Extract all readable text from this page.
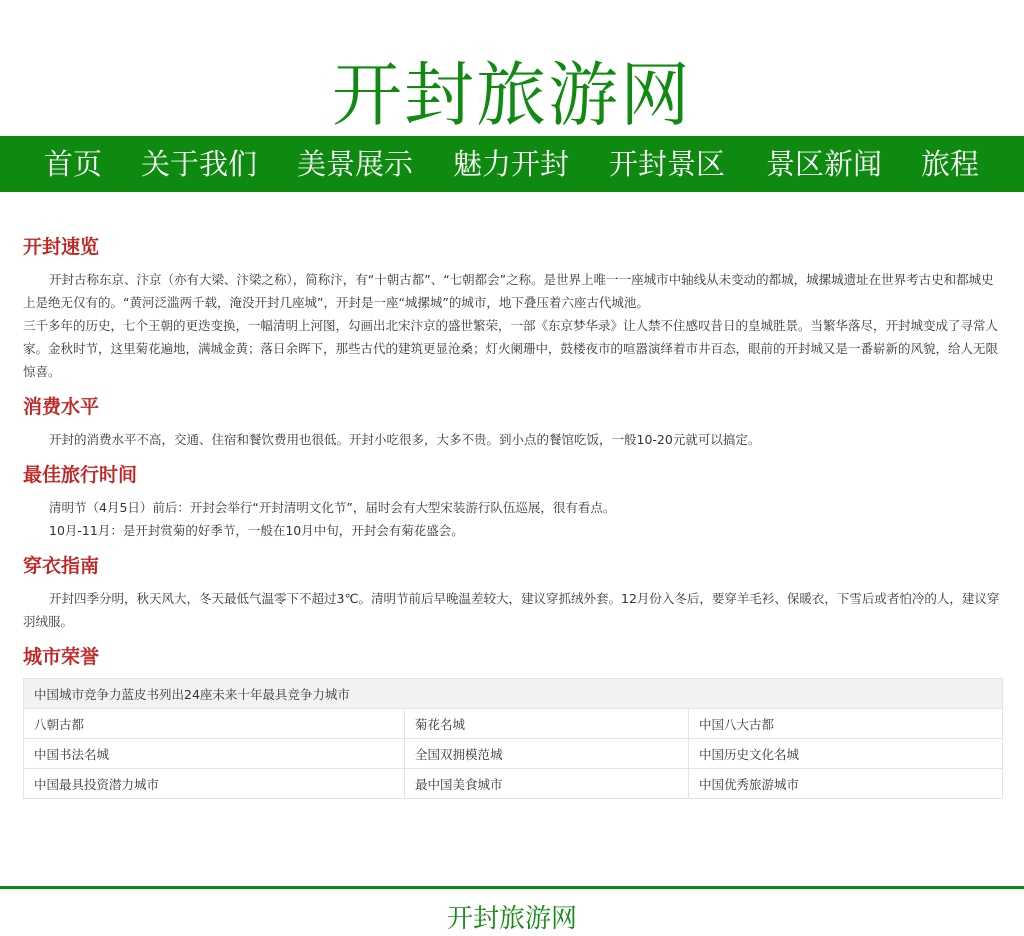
开封旅游网
首页 关于我们 美景展示 魅力开封 开封景区 景区新闻 旅程
开封速览

开封古称东京、汴京（亦有大梁、汴梁之称），简称汴，有“十朝古都”、“七朝都会”之称。是世界上唯一一座城市中轴线从未变动的都城，城摞城遗址在世界考古史和都城史上是绝无仅有的。“黄河泛滥两千载，淹没开封几座城”，开封是一座“城摞城”的城市，地下叠压着六座古代城池。

三千多年的历史，七个王朝的更迭变换，一幅清明上河图，勾画出北宋汴京的盛世繁荣，一部《东京梦华录》让人禁不住感叹昔日的皇城胜景。当繁华落尽，开封城变成了寻常人家。金秋时节，这里菊花遍地，满城金黄；落日余晖下，那些古代的建筑更显沧桑；灯火阑珊中，鼓楼夜市的喧嚣演绎着市井百态，眼前的开封城又是一番崭新的风貌，给人无限惊喜。

消费水平

开封的消费水平不高，交通、住宿和餐饮费用也很低。开封小吃很多，大多不贵。到小点的餐馆吃饭，一般10-20元就可以搞定。

最佳旅行时间

清明节（4月5日）前后：开封会举行“开封清明文化节”，届时会有大型宋装游行队伍巡展，很有看点。

10月-11月：是开封赏菊的好季节，一般在10月中旬，开封会有菊花盛会。

穿衣指南

开封四季分明，秋天风大，冬天最低气温零下不超过3℃。清明节前后早晚温差较大，建议穿抓绒外套。12月份入冬后，要穿羊毛衫、保暖衣，下雪后或者怕冷的人，建议穿羽绒服。

城市荣誉
中国城市竞争力蓝皮书列出24座未来十年最具竞争力城市		
八朝古都	菊花名城	中国八大古都
中国书法名城	全国双拥模范城	中国历史文化名城
中国最具投资潜力城市	最中国美食城市	中国优秀旅游城市
开封旅游网
